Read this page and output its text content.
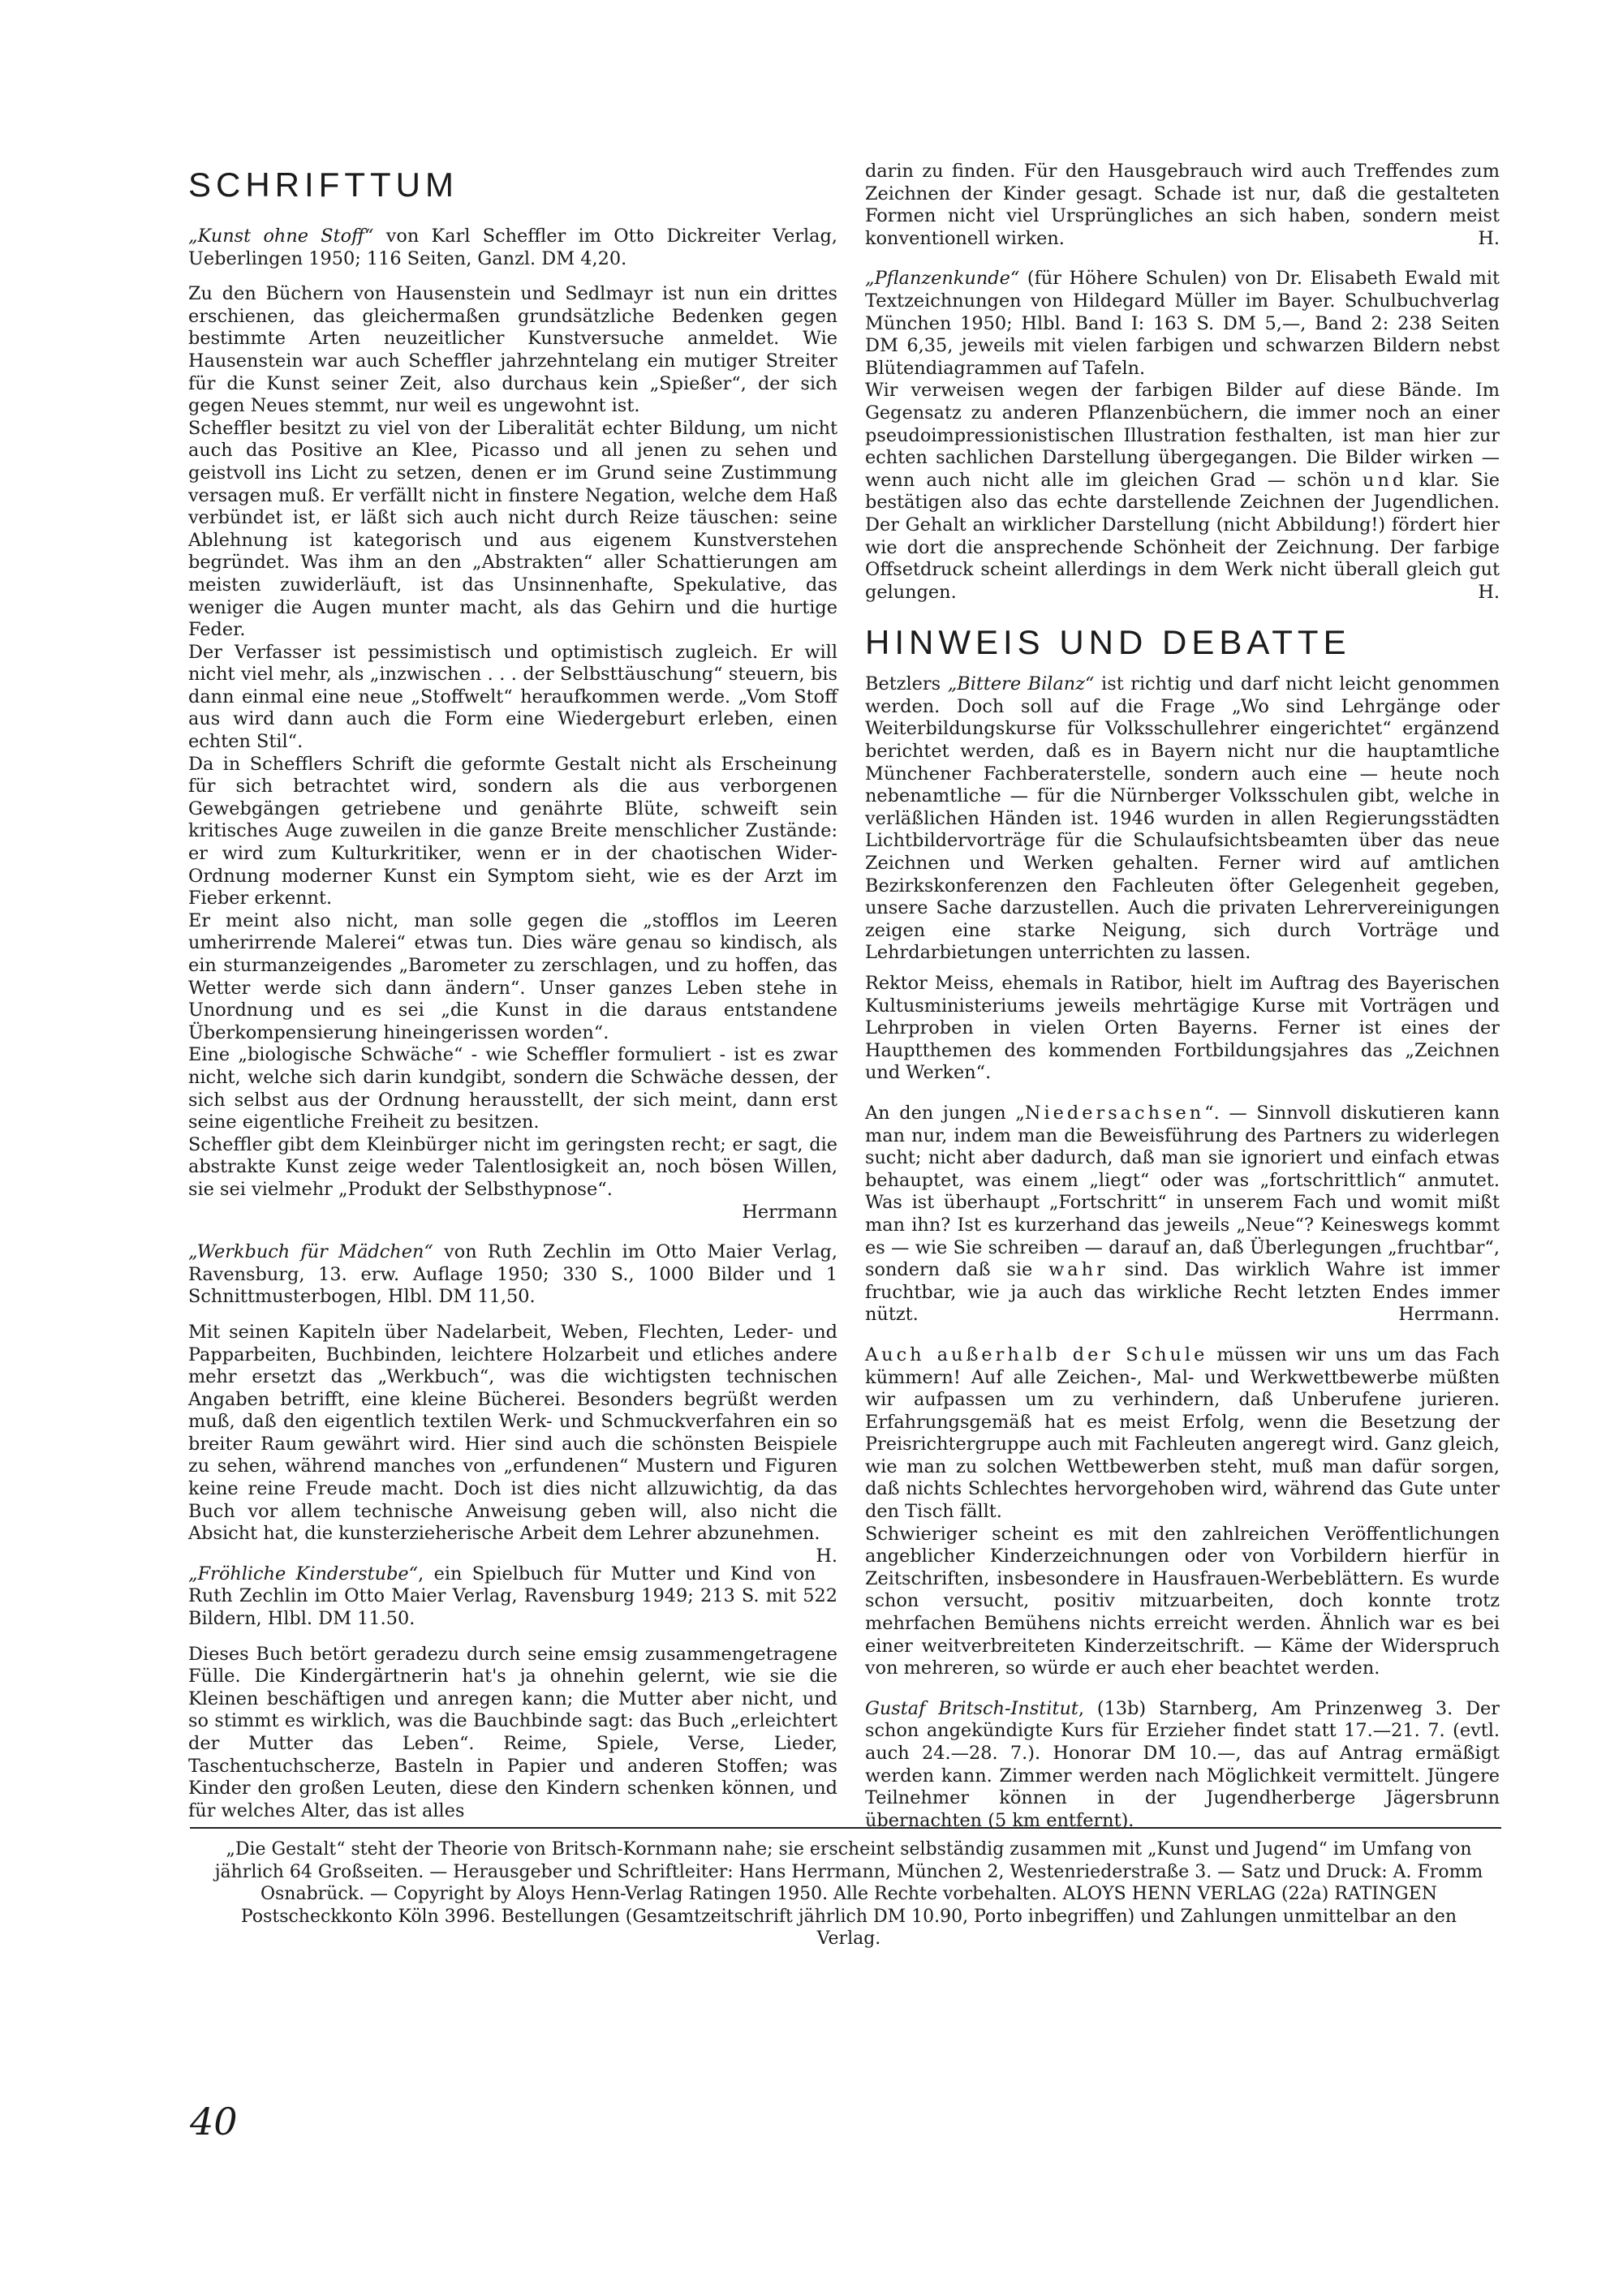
SCHRIFTTUM

„Kunst ohne Stoff“ von Karl Scheffler im Otto Dickreiter Verlag, Ueberlingen 1950; 116 Seiten, Ganzl. DM 4,20.

Zu den Büchern von Hausenstein und Sedlmayr ist nun ein drittes erschienen, das gleichermaßen grundsätzliche Bedenken gegen bestimmte Arten neuzeitlicher Kunstversuche anmeldet. Wie Hausenstein war auch Scheffler jahrzehntelang ein mutiger Streiter für die Kunst seiner Zeit, also durchaus kein „Spießer“, der sich gegen Neues stemmt, nur weil es ungewohnt ist.

Scheffler besitzt zu viel von der Liberalität echter Bildung, um nicht auch das Positive an Klee, Picasso und all jenen zu sehen und geistvoll ins Licht zu setzen, denen er im Grund seine Zustimmung versagen muß. Er verfällt nicht in finstere Negation, welche dem Haß verbündet ist, er läßt sich auch nicht durch Reize täuschen: seine Ablehnung ist kategorisch und aus eigenem Kunstverstehen begründet. Was ihm an den „Abstrakten“ aller Schattierungen am meisten zuwiderläuft, ist das Unsinnenhafte, Spekulative, das weniger die Augen munter macht, als das Gehirn und die hurtige Feder.

Der Verfasser ist pessimistisch und optimistisch zugleich. Er will nicht viel mehr, als „inzwischen . . . der Selbsttäuschung“ steuern, bis dann einmal eine neue „Stoffwelt“ heraufkommen werde. „Vom Stoff aus wird dann auch die Form eine Wiedergeburt erleben, einen echten Stil“.

Da in Schefflers Schrift die geformte Gestalt nicht als Erscheinung für sich betrachtet wird, sondern als die aus verborgenen Gewebgängen getriebene und genährte Blüte, schweift sein kritisches Auge zuweilen in die ganze Breite menschlicher Zustände: er wird zum Kulturkritiker, wenn er in der chaotischen Wider-Ordnung moderner Kunst ein Symptom sieht, wie es der Arzt im Fieber erkennt.

Er meint also nicht, man solle gegen die „stofflos im Leeren umherirrende Malerei“ etwas tun. Dies wäre genau so kindisch, als ein sturmanzeigendes „Barometer zu zerschlagen, und zu hoffen, das Wetter werde sich dann ändern“. Unser ganzes Leben stehe in Unordnung und es sei „die Kunst in die daraus entstandene Überkompensierung hineingerissen worden“.

Eine „biologische Schwäche“ - wie Scheffler formuliert - ist es zwar nicht, welche sich darin kundgibt, sondern die Schwäche dessen, der sich selbst aus der Ordnung herausstellt, der sich meint, dann erst seine eigentliche Freiheit zu besitzen.

Scheffler gibt dem Kleinbürger nicht im geringsten recht; er sagt, die abstrakte Kunst zeige weder Talentlosigkeit an, noch bösen Willen, sie sei vielmehr „Produkt der Selbsthypnose“.

Herrmann

„Werkbuch für Mädchen“ von Ruth Zechlin im Otto Maier Verlag, Ravensburg, 13. erw. Auflage 1950; 330 S., 1000 Bilder und 1 Schnittmusterbogen, Hlbl. DM 11,50.

Mit seinen Kapiteln über Nadelarbeit, Weben, Flechten, Leder- und Papparbeiten, Buchbinden, leichtere Holzarbeit und etliches andere mehr ersetzt das „Werkbuch“, was die wichtigsten technischen Angaben betrifft, eine kleine Bücherei. Besonders begrüßt werden muß, daß den eigentlich textilen Werk- und Schmuckverfahren ein so breiter Raum gewährt wird. Hier sind auch die schönsten Beispiele zu sehen, während manches von „erfundenen“ Mustern und Figuren keine reine Freude macht. Doch ist dies nicht allzuwichtig, da das Buch vor allem technische Anweisung geben will, also nicht die Absicht hat, die kunsterzieherische Arbeit dem Lehrer abzunehmen.
H.

„Fröhliche Kinderstube“, ein Spielbuch für Mutter und Kind von Ruth Zechlin im Otto Maier Verlag, Ravensburg 1949; 213 S. mit 522 Bildern, Hlbl. DM 11.50.

Dieses Buch betört geradezu durch seine emsig zusammengetragene Fülle. Die Kindergärtnerin hat's ja ohnehin gelernt, wie sie die Kleinen beschäftigen und anregen kann; die Mutter aber nicht, und so stimmt es wirklich, was die Bauchbinde sagt: das Buch „erleichtert der Mutter das Leben“. Reime, Spiele, Verse, Lieder, Taschentuchscherze, Basteln in Papier und anderen Stoffen; was Kinder den großen Leuten, diese den Kindern schenken können, und für welches Alter, das ist alles

darin zu finden. Für den Hausgebrauch wird auch Treffendes zum Zeichnen der Kinder gesagt. Schade ist nur, daß die gestalteten Formen nicht viel Ursprüngliches an sich haben, sondern meist konventionell wirken.	H.

„Pflanzenkunde“ (für Höhere Schulen) von Dr. Elisabeth Ewald mit Textzeichnungen von Hildegard Müller im Bayer. Schulbuchverlag München 1950; Hlbl. Band I: 163 S. DM 5,—, Band 2: 238 Seiten DM 6,35, jeweils mit vielen farbigen und schwarzen Bildern nebst Blütendiagrammen auf Tafeln.

Wir verweisen wegen der farbigen Bilder auf diese Bände. Im Gegensatz zu anderen Pflanzenbüchern, die immer noch an einer pseudoimpressionistischen Illustration festhalten, ist man hier zur echten sachlichen Darstellung übergegangen. Die Bilder wirken — wenn auch nicht alle im gleichen Grad — schön und klar. Sie bestätigen also das echte darstellende Zeichnen der Jugendlichen. Der Gehalt an wirklicher Darstellung (nicht Abbildung!) fördert hier wie dort die ansprechende Schönheit der Zeichnung. Der farbige Offsetdruck scheint allerdings in dem Werk nicht überall gleich gut gelungen.	H.

HINWEIS UND DEBATTE

Betzlers „Bittere Bilanz“ ist richtig und darf nicht leicht genommen werden. Doch soll auf die Frage „Wo sind Lehrgänge oder Weiterbildungskurse für Volksschullehrer eingerichtet“ ergänzend berichtet werden, daß es in Bayern nicht nur die hauptamtliche Münchener Fachberaterstelle, sondern auch eine — heute noch nebenamtliche — für die Nürnberger Volksschulen gibt, welche in verläßlichen Händen ist. 1946 wurden in allen Regierungsstädten Lichtbildervorträge für die Schulaufsichtsbeamten über das neue Zeichnen und Werken gehalten. Ferner wird auf amtlichen Bezirkskonferenzen den Fachleuten öfter Gelegenheit gegeben, unsere Sache darzustellen. Auch die privaten Lehrervereinigungen zeigen eine starke Neigung, sich durch Vorträge und Lehrdarbietungen unterrichten zu lassen.

Rektor Meiss, ehemals in Ratibor, hielt im Auftrag des Bayerischen Kultusministeriums jeweils mehrtägige Kurse mit Vorträgen und Lehrproben in vielen Orten Bayerns. Ferner ist eines der Hauptthemen des kommenden Fortbildungsjahres das „Zeichnen und Werken“.

An den jungen „Niedersachsen“. — Sinnvoll diskutieren kann man nur, indem man die Beweisführung des Partners zu widerlegen sucht; nicht aber dadurch, daß man sie ignoriert und einfach etwas behauptet, was einem „liegt“ oder was „fortschrittlich“ anmutet. Was ist überhaupt „Fortschritt“ in unserem Fach und womit mißt man ihn? Ist es kurzerhand das jeweils „Neue“? Keineswegs kommt es — wie Sie schreiben — darauf an, daß Überlegungen „fruchtbar“, sondern daß sie wahr sind. Das wirklich Wahre ist immer fruchtbar, wie ja auch das wirkliche Recht letzten Endes immer nützt.	Herrmann.

Auch außerhalb der Schule müssen wir uns um das Fach kümmern! Auf alle Zeichen-, Mal- und Werkwettbewerbe müßten wir aufpassen um zu verhindern, daß Unberufene jurieren. Erfahrungsgemäß hat es meist Erfolg, wenn die Besetzung der Preisrichtergruppe auch mit Fachleuten angeregt wird. Ganz gleich, wie man zu solchen Wettbewerben steht, muß man dafür sorgen, daß nichts Schlechtes hervorgehoben wird, während das Gute unter den Tisch fällt.

Schwieriger scheint es mit den zahlreichen Veröffentlichungen angeblicher Kinderzeichnungen oder von Vorbildern hierfür in Zeitschriften, insbesondere in Hausfrauen-Werbeblättern. Es wurde schon versucht, positiv mitzuarbeiten, doch konnte trotz mehrfachen Bemühens nichts erreicht werden. Ähnlich war es bei einer weitverbreiteten Kinderzeitschrift. — Käme der Widerspruch von mehreren, so würde er auch eher beachtet werden.

Gustaf Britsch-Institut, (13b) Starnberg, Am Prinzenweg 3. Der schon angekündigte Kurs für Erzieher findet statt 17.—21. 7. (evtl. auch 24.—28. 7.). Honorar DM 10.—, das auf Antrag ermäßigt werden kann. Zimmer werden nach Möglichkeit vermittelt. Jüngere Teilnehmer können in der Jugendherberge Jägersbrunn übernachten (5 km entfernt).

„Die Gestalt“ steht der Theorie von Britsch-Kornmann nahe; sie erscheint selbständig zusammen mit „Kunst und Jugend“ im Umfang von jährlich 64 Großseiten. — Herausgeber und Schriftleiter: Hans Herrmann, München 2, Westenriederstraße 3. — Satz und Druck: A. Fromm Osnabrück. — Copyright by Aloys Henn-Verlag Ratingen 1950. Alle Rechte vorbehalten. ALOYS HENN VERLAG (22a) RATINGEN Postscheckkonto Köln 3996. Bestellungen (Gesamtzeitschrift jährlich DM 10.90, Porto inbegriffen) und Zahlungen unmittelbar an den Verlag.

40
